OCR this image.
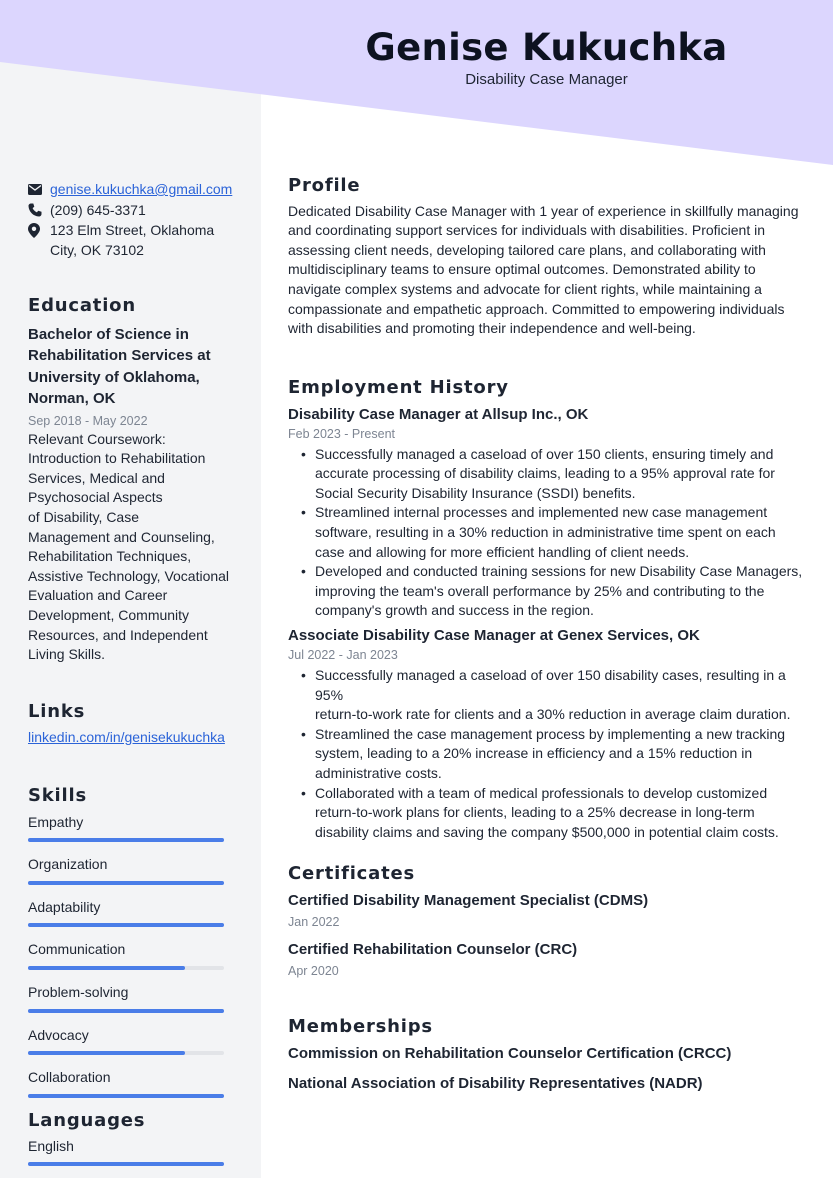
Genise Kukuchka
Disability Case Manager
genise.kukuchka@gmail.com
(209) 645-3371
123 Elm Street, Oklahoma
City, OK 73102
Education
Bachelor of Science in
Rehabilitation Services at
University of Oklahoma,
Norman, OK
Sep 2018 - May 2022
Relevant Coursework:
Introduction to Rehabilitation
Services, Medical and
Psychosocial Aspects
of Disability, Case
Management and Counseling,
Rehabilitation Techniques,
Assistive Technology, Vocational
Evaluation and Career
Development, Community
Resources, and Independent
Living Skills.
Links
linkedin.com/in/genisekukuchka
Skills
Empathy
Organization
Adaptability
Communication
Problem-solving
Advocacy
Collaboration
Languages
English
Profile
Dedicated Disability Case Manager with 1 year of experience in skillfully managing
and coordinating support services for individuals with disabilities. Proficient in
assessing client needs, developing tailored care plans, and collaborating with
multidisciplinary teams to ensure optimal outcomes. Demonstrated ability to
navigate complex systems and advocate for client rights, while maintaining a
compassionate and empathetic approach. Committed to empowering individuals
with disabilities and promoting their independence and well-being.
Employment History
Disability Case Manager at Allsup Inc., OK
Feb 2023 - Present
• Successfully managed a caseload of over 150 clients, ensuring timely and
accurate processing of disability claims, leading to a 95% approval rate for
Social Security Disability Insurance (SSDI) benefits.
• Streamlined internal processes and implemented new case management
software, resulting in a 30% reduction in administrative time spent on each
case and allowing for more efficient handling of client needs.
• Developed and conducted training sessions for new Disability Case Managers,
improving the team's overall performance by 25% and contributing to the
company's growth and success in the region.
Associate Disability Case Manager at Genex Services, OK
Jul 2022 - Jan 2023
• Successfully managed a caseload of over 150 disability cases, resulting in a 95%
return-to-work rate for clients and a 30% reduction in average claim duration.
• Streamlined the case management process by implementing a new tracking
system, leading to a 20% increase in efficiency and a 15% reduction in
administrative costs.
• Collaborated with a team of medical professionals to develop customized
return-to-work plans for clients, leading to a 25% decrease in long-term
disability claims and saving the company $500,000 in potential claim costs.
Certificates
Certified Disability Management Specialist (CDMS)
Jan 2022
Certified Rehabilitation Counselor (CRC)
Apr 2020
Memberships
Commission on Rehabilitation Counselor Certification (CRCC)
National Association of Disability Representatives (NADR)
